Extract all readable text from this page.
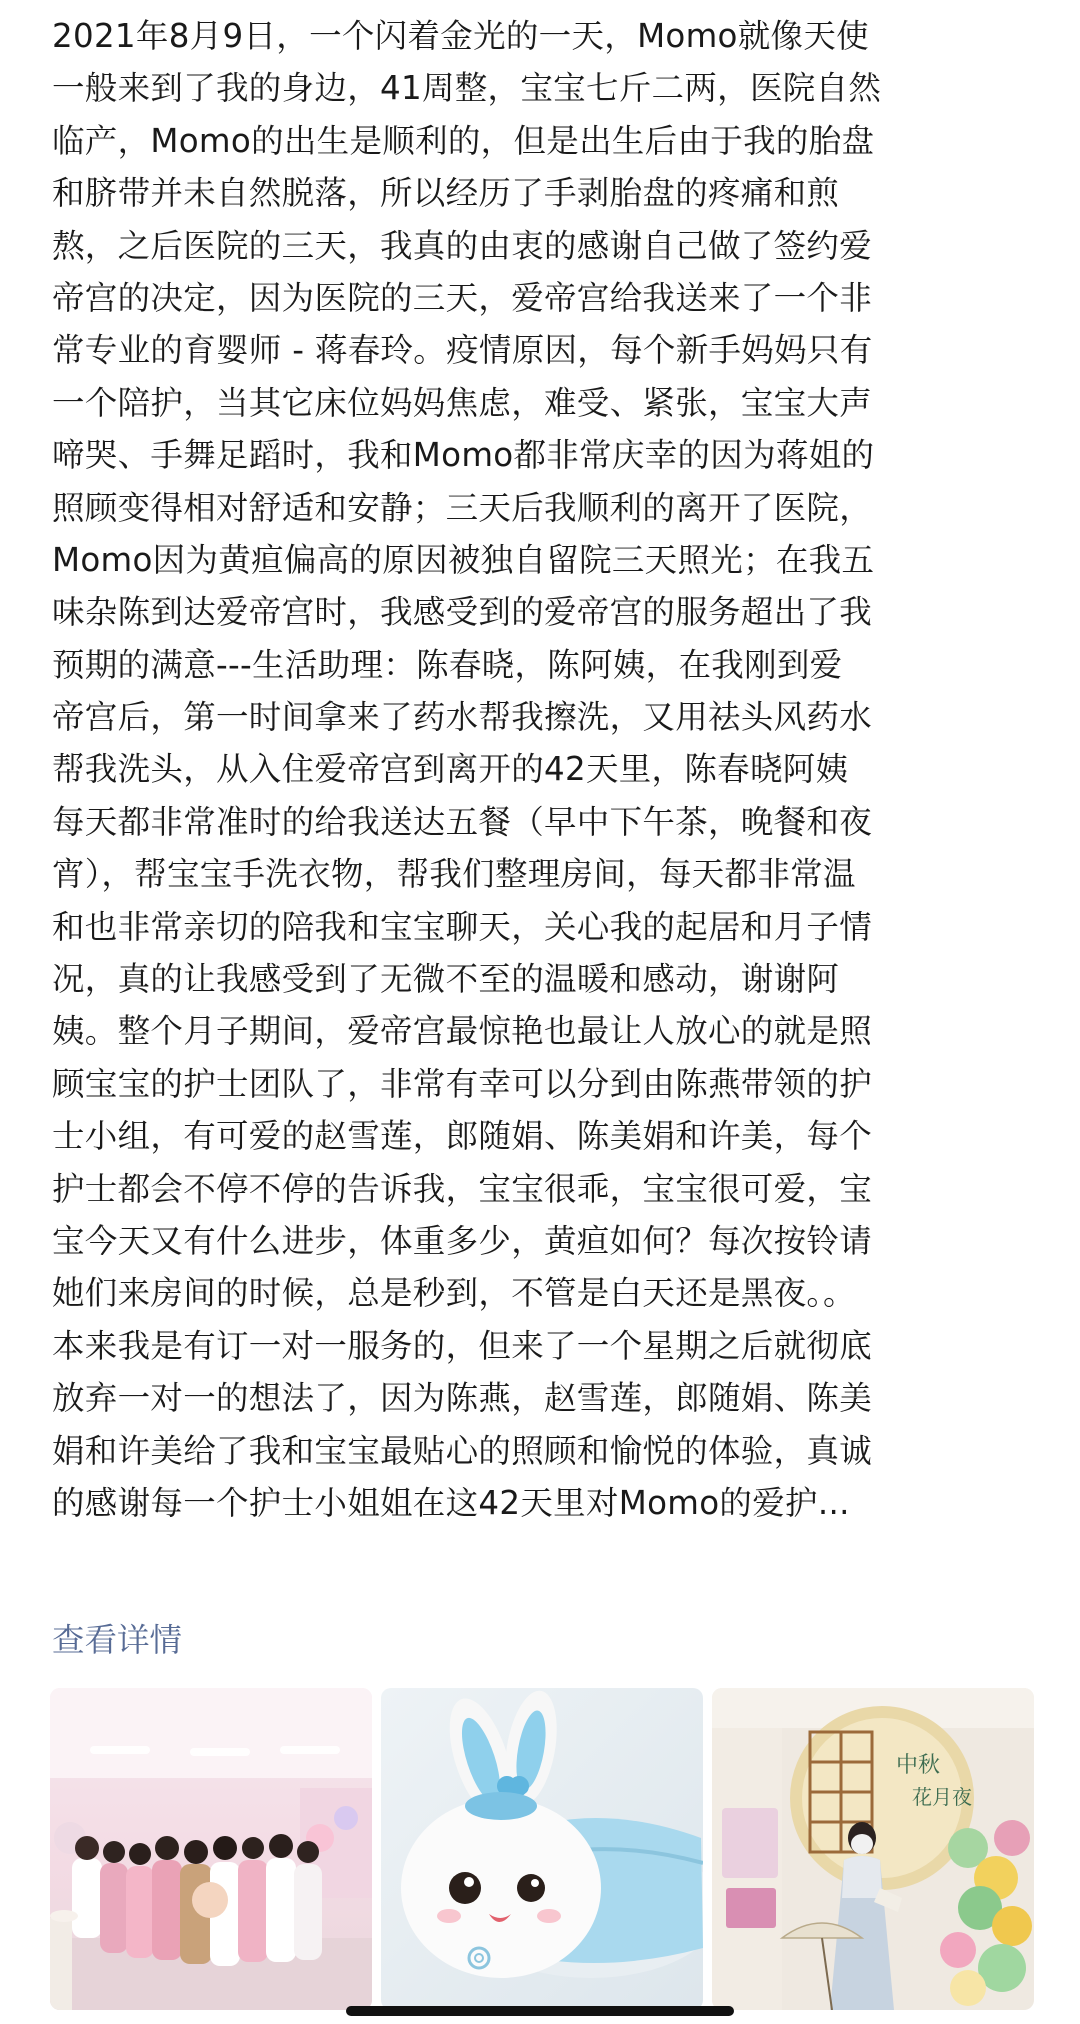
2021年8月9日，一个闪着金光的一天，Momo就像天使
一般来到了我的身边，41周整，宝宝七斤二两，医院自然
临产，Momo的出生是顺利的，但是出生后由于我的胎盘
和脐带并未自然脱落，所以经历了手剥胎盘的疼痛和煎
熬，之后医院的三天，我真的由衷的感谢自己做了签约爱
帝宫的决定，因为医院的三天，爱帝宫给我送来了一个非
常专业的育婴师 - 蒋春玲。疫情原因，每个新手妈妈只有
一个陪护，当其它床位妈妈焦虑，难受、紧张，宝宝大声
啼哭、手舞足蹈时，我和Momo都非常庆幸的因为蒋姐的
照顾变得相对舒适和安静；三天后我顺利的离开了医院，
Momo因为黄疸偏高的原因被独自留院三天照光；在我五
味杂陈到达爱帝宫时，我感受到的爱帝宫的服务超出了我
预期的满意---生活助理：陈春晓，陈阿姨，在我刚到爱
帝宫后，第一时间拿来了药水帮我擦洗，又用祛头风药水
帮我洗头，从入住爱帝宫到离开的42天里，陈春晓阿姨
每天都非常准时的给我送达五餐（早中下午茶，晚餐和夜
宵），帮宝宝手洗衣物，帮我们整理房间，每天都非常温
和也非常亲切的陪我和宝宝聊天，关心我的起居和月子情
况，真的让我感受到了无微不至的温暖和感动，谢谢阿
姨。整个月子期间，爱帝宫最惊艳也最让人放心的就是照
顾宝宝的护士团队了，非常有幸可以分到由陈燕带领的护
士小组，有可爱的赵雪莲，郎随娟、陈美娟和许美，每个
护士都会不停不停的告诉我，宝宝很乖，宝宝很可爱，宝
宝今天又有什么进步，体重多少，黄疸如何？每次按铃请
她们来房间的时候，总是秒到，不管是白天还是黑夜。。
本来我是有订一对一服务的，但来了一个星期之后就彻底
放弃一对一的想法了，因为陈燕，赵雪莲，郎随娟、陈美
娟和许美给了我和宝宝最贴心的照顾和愉悦的体验，真诚
的感谢每一个护士小姐姐在这42天里对Momo的爱护...
查看详情
中秋
花月夜
